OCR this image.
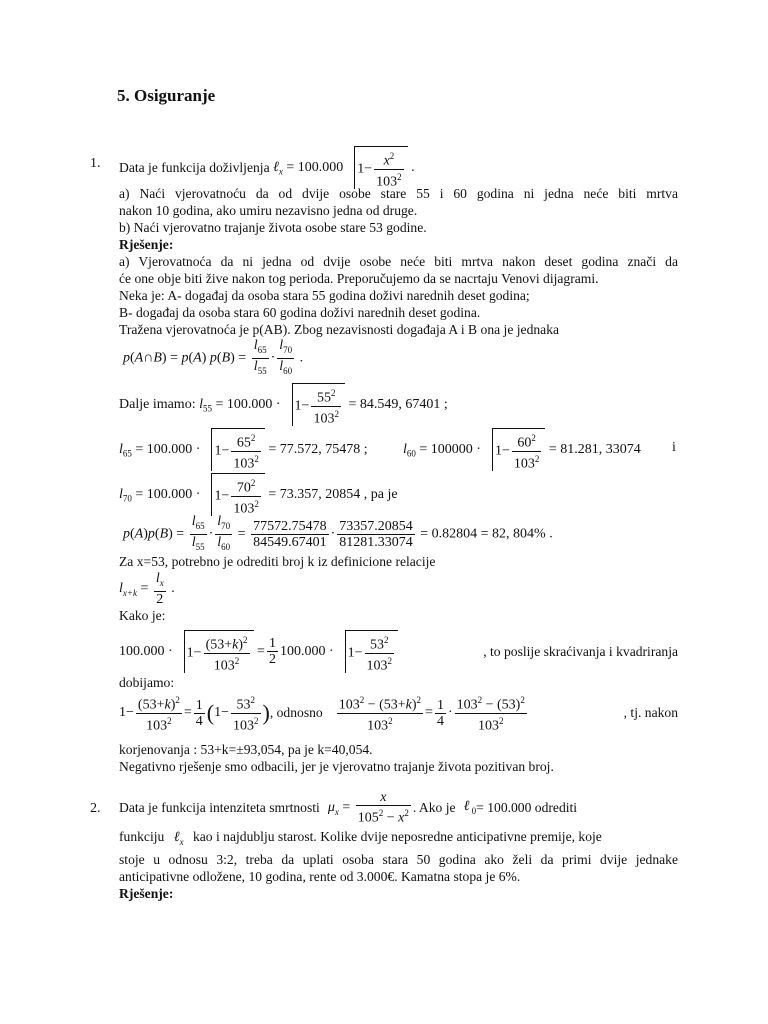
5. Osiguranje
1. Data je funkcija doživljenja ℓ$_x$ = 100.000 $1- \frac{x^2}{103^2}$ .
a) Naći vjerovatnoću da od dvije osobe stare 55 i 60 godina ni jedna neće biti mrtva
nakon 10 godina, ako umiru nezavisno jedna od druge.
b) Naći vjerovatno trajanje života osobe stare 53 godine.
Rješenje:
a) Vjerovatnoća da ni jedna od dvije osobe neće biti mrtva nakon deset godina znači da
će one obje biti žive nakon tog perioda. Preporučujemo da se nacrtaju Venovi dijagrami.
Neka je: A- događaj da osoba stara 55 godina doživi narednih deset godina;
B- događaj da osoba stara 60 godina doživi narednih deset godina.
Tražena vjerovatnoća je p(AB). Zbog nezavisnosti događaja A i B ona je jednaka
p(A∩B) = p(A) $p(B) = \frac{l_{65}}{l_{55}} \cdot \frac{l_{70}}{l_{60}}$ .
Dalje imamo: $l_{55} = 100.000 \cdot 1- \frac{55^2}{103^2} = 84.549$, 67401 ;
$l_{65} = 100.000 \cdot 1- \frac{65^2}{103^2} = 77.572$, 75478 ;	$l_{60} = 100000 \cdot 1- \frac{60^2}{103^2} = 81.281$, 33074 i
$l_{70} = 100.000 \cdot 1- \frac{70^2}{103^2} = 73.357$, 20854 , pa je
$p(A)p(B) = \frac{l_{65}}{l_{55}} \cdot \frac{l_{70}}{l_{60}} = \frac{77572.75478}{84549.67401} \cdot \frac{73357.20854}{81281.33074} = 0.82804 = 82$, 804% .
Za x=53, potrebno je odrediti broj k iz definicione relacije
$l_{x+k} = \frac{l_x}{2}$ .
Kako je:
100.000 ·	$1- \frac{(53+k)^2}{103^2} = \frac{1}{2} 100.000$ ·	$1- \frac{53^2}{103^2}$	, to poslije skraćivanja i kvadriranja
dobijamo:
$1- \frac{(53+k)^2}{103^2} = \frac{1}{4}$ ( $1- \frac{53^2}{103^2}$ ) , odnosno $\frac{103^2 - (53+k)^2}{103^2} = \frac{1}{4} \cdot \frac{103^2 - (53)^2}{103^2}$	, tj. nakon
korjenovanja : 53+k=±93,054, pa je k=40,054.
Negativno rješenje smo odbacili, jer je vjerovatno trajanje života pozitivan broj.
2. Data je funkcija intenziteta smrtnosti $\mu_x = \frac{x}{105^2 - x^2}$ . Ako je ℓ $_0$ = 100.000 odrediti
funkciju ℓ$_x$ kao i najdublju starost. Kolike dvije neposredne anticipativne premije, koje
stoje u odnosu 3:2, treba da uplati osoba stara 50 godina ako želi da primi dvije jednake
anticipativne odložene, 10 godina, rente od 3.000€. Kamatna stopa je 6%.
Rješenje:
